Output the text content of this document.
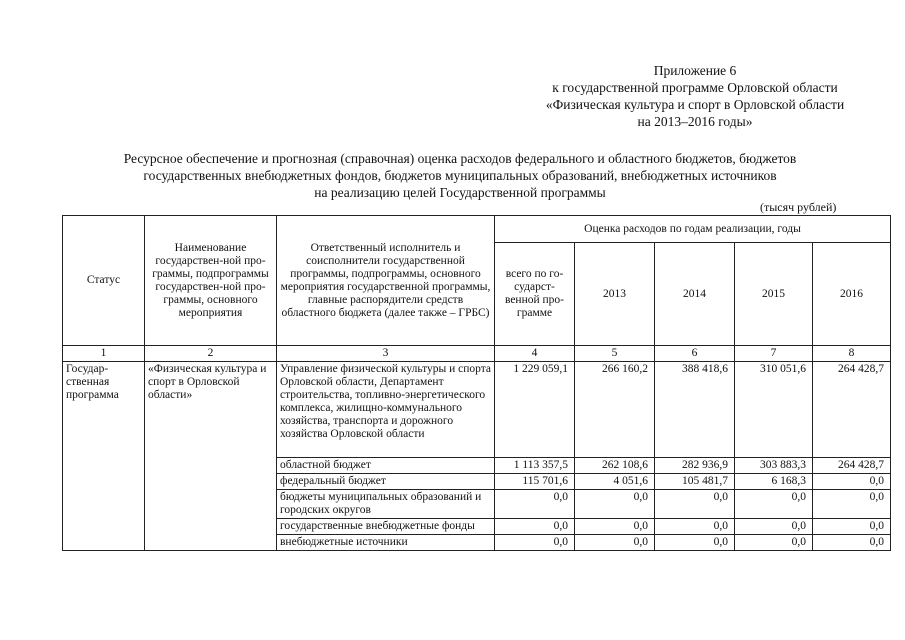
Приложение 6
к государственной программе Орловской области
«Физическая культура и спорт в Орловской области
на 2013–2016 годы»
Ресурсное обеспечение и прогнозная (справочная) оценка расходов федерального и областного бюджетов, бюджетов
государственных внебюджетных фондов, бюджетов муниципальных образований, внебюджетных источников
на реализацию целей Государственной программы
(тысяч рублей)
Статус	Наименование государствен-ной про-граммы, подпрограммы государствен-ной про-граммы, основного мероприятия	Ответственный исполнитель и соисполнители государственной программы, подпрограммы, основного мероприятия государственной программы, главные распорядители средств областного бюджета (далее также – ГРБС)	Оценка расходов по годам реализации, годы				
			всего по го-сударст-венной про-грамме	2013	2014	2015	2016
1	2	3	4	5	6	7	8
Государ-ственная программа	«Физическая культура и спорт в Орловской области»	Управление физической культуры и спорта Орловской области, Департамент строительства, топливно-энергетического комплекса, жилищно-коммунального хозяйства, транспорта и дорожного хозяйства Орловской области	1 229 059,1	266 160,2	388 418,6	310 051,6	264 428,7
		областной бюджет	1 113 357,5	262 108,6	282 936,9	303 883,3	264 428,7
		федеральный бюджет	115 701,6	4 051,6	105 481,7	6 168,3	0,0
		бюджеты муниципальных образований и городских округов	0,0	0,0	0,0	0,0	0,0
		государственные внебюджетные фонды	0,0	0,0	0,0	0,0	0,0
		внебюджетные источники	0,0	0,0	0,0	0,0	0,0
